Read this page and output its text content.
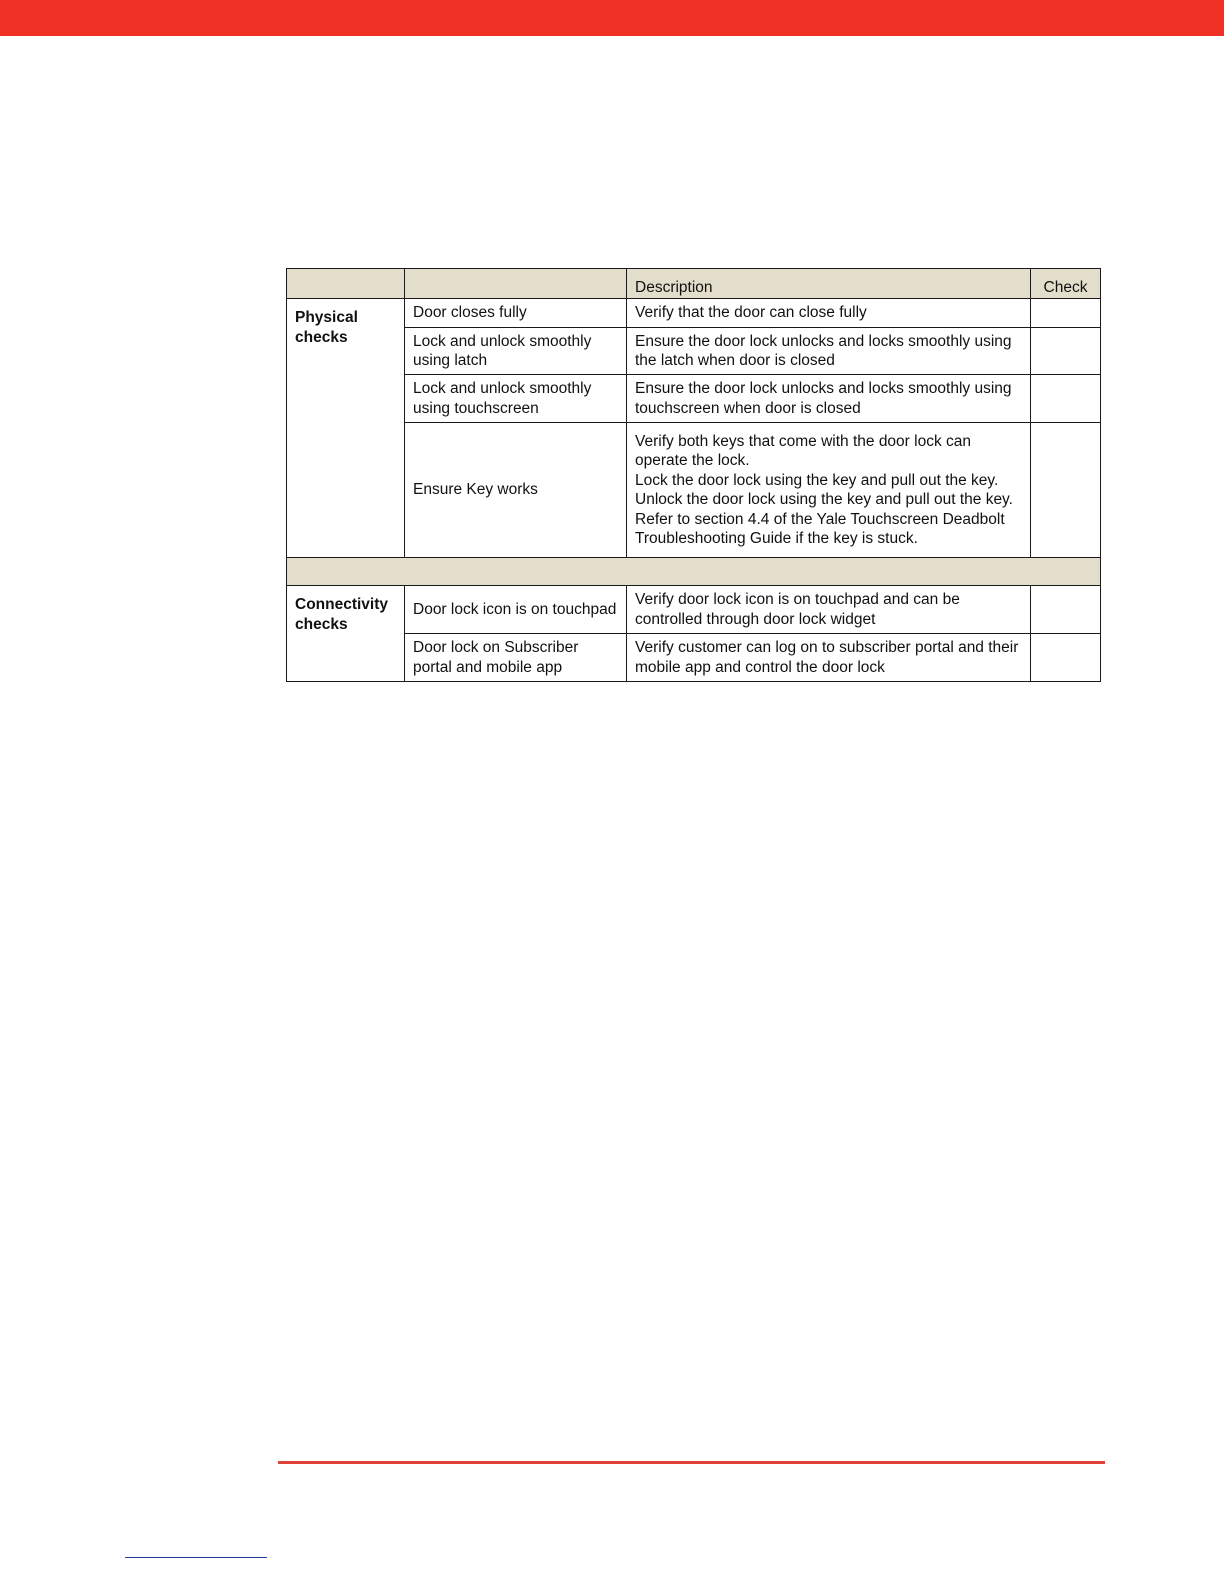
		Description	Check
Physical checks	Door closes fully	Verify that the door can close fully	
	Lock and unlock smoothly using latch	Ensure the door lock unlocks and locks smoothly using the latch when door is closed	
	Lock and unlock smoothly using touchscreen	Ensure the door lock unlocks and locks smoothly using touchscreen when door is closed	
	Ensure Key works	Verify both keys that come with the door lock can operate the lock.
Lock the door lock using the key and pull out the key. Unlock the door lock using the key and pull out the key. Refer to section 4.4 of the Yale Touchscreen Deadbolt Troubleshooting Guide if the key is stuck.	

Connectivity checks	Door lock icon is on touchpad	Verify door lock icon is on touchpad and can be controlled through door lock widget	
	Door lock on Subscriber portal and mobile app	Verify customer can log on to subscriber portal and their mobile app and control the door lock	
